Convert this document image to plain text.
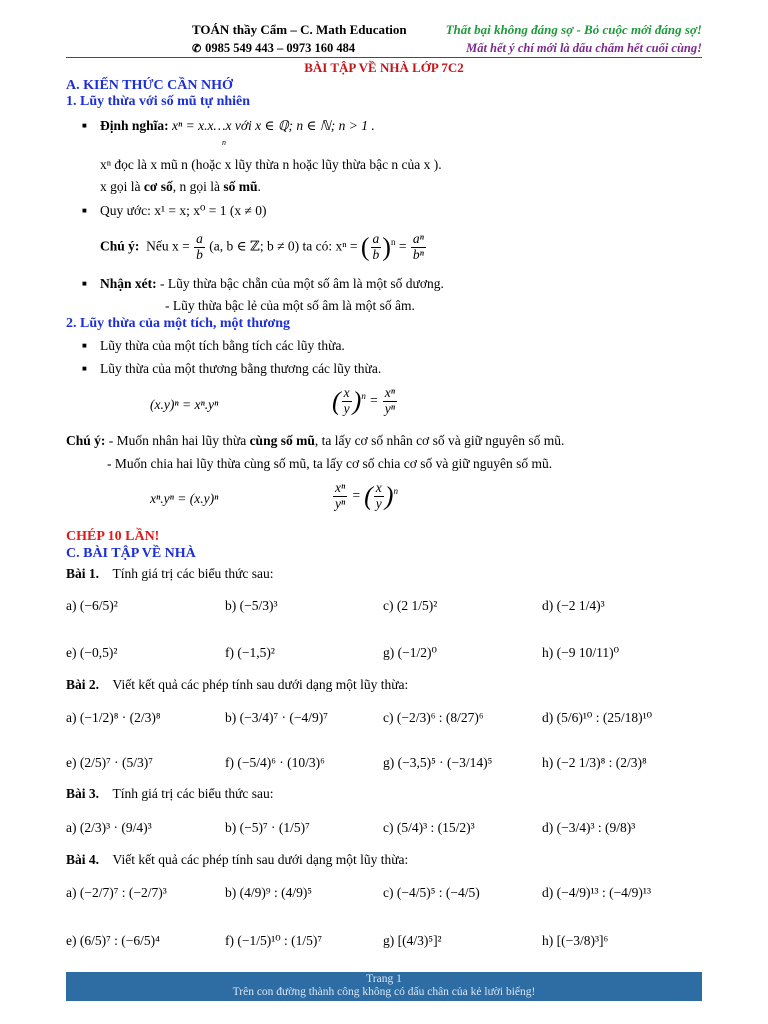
TOÁN thầy Cẩm – C. Math Education
✆ 0985 549 443 – 0973 160 484
Thất bại không đáng sợ - Bỏ cuộc mới đáng sợ!
Mất hết ý chí mới là dấu chấm hết cuối cùng!
BÀI TẬP VỀ NHÀ LỚP 7C2
A. KIẾN THỨC CẦN NHỚ
1. Lũy thừa với số mũ tự nhiên
■ Định nghĩa: xⁿ = x.x…x với x ∈ ℚ; n ∈ ℕ; n > 1 .
n
xⁿ đọc là x mũ n (hoặc x lũy thừa n hoặc lũy thừa bậc n của x ).
x gọi là cơ số, n gọi là số mũ.
■ Quy ước: x¹ = x; x⁰ = 1 (x ≠ 0)
Chú ý: Nếu $x = \frac{a}{b} (a$, b ∈ ℤ; b ≠ 0) ta có: xⁿ = ( $\frac{a}{b} )^n = \frac{\text{aⁿ}}{\text{bⁿ}}$
■ Nhận xét: - Lũy thừa bậc chẵn của một số âm là một số dương.
- Lũy thừa bậc lẻ của một số âm là một số âm.
2. Lũy thừa của một tích, một thương
■ Lũy thừa của một tích bằng tích các lũy thừa.
■ Lũy thừa của một thương bằng thương các lũy thừa.
(x.y)ⁿ = xⁿ.yⁿ	( $\frac{x}{y} )^n = \frac{\text{xⁿ}}{\text{yⁿ}}$
Chú ý: - Muốn nhân hai lũy thừa cùng số mũ, ta lấy cơ số nhân cơ số và giữ nguyên số mũ.
- Muốn chia hai lũy thừa cùng số mũ, ta lấy cơ số chia cơ số và giữ nguyên số mũ.
xⁿ.yⁿ = (x.y)ⁿ	$\frac{\text{xⁿ}}{\text{yⁿ}}$ = ( $\frac{x}{y} )^n$
CHÉP 10 LẦN!
C. BÀI TẬP VỀ NHÀ
Bài 1. Tính giá trị các biểu thức sau:
a) (−6/5)²	b) (−5/3)³	c) (2 1/5)²	d) (−2 1/4)³
e) (−0,5)²	f) (−1,5)²	g) (−1/2)⁰	h) (−9 10/11)⁰
Bài 2. Viết kết quả các phép tính sau dưới dạng một lũy thừa:
a) (−1/2)⁸ · (2/3)⁸	b) (−3/4)⁷ · (−4/9)⁷	c) (−2/3)⁶ : (8/27)⁶	d) (5/6)¹⁰ : (25/18)¹⁰
e) (2/5)⁷ · (5/3)⁷	f) (−5/4)⁶ · (10/3)⁶	g) (−3,5)⁵ · (−3/14)⁵	h) (−2 1/3)⁸ : (2/3)⁸
Bài 3. Tính giá trị các biểu thức sau:
a) (2/3)³ · (9/4)³	b) (−5)⁷ · (1/5)⁷	c) (5/4)³ : (15/2)³	d) (−3/4)³ : (9/8)³
Bài 4. Viết kết quả các phép tính sau dưới dạng một lũy thừa:
a) (−2/7)⁷ : (−2/7)³	b) (4/9)⁹ : (4/9)⁵	c) (−4/5)⁵ : (−4/5)	d) (−4/9)¹³ : (−4/9)¹³
e) (6/5)⁷ : (−6/5)⁴	f) (−1/5)¹⁰ : (1/5)⁷	g) [(4/3)⁵]²	h) [(−3/8)³]⁶
Trang 1
Trên con đường thành công không có dấu chân của kẻ lười biếng!
